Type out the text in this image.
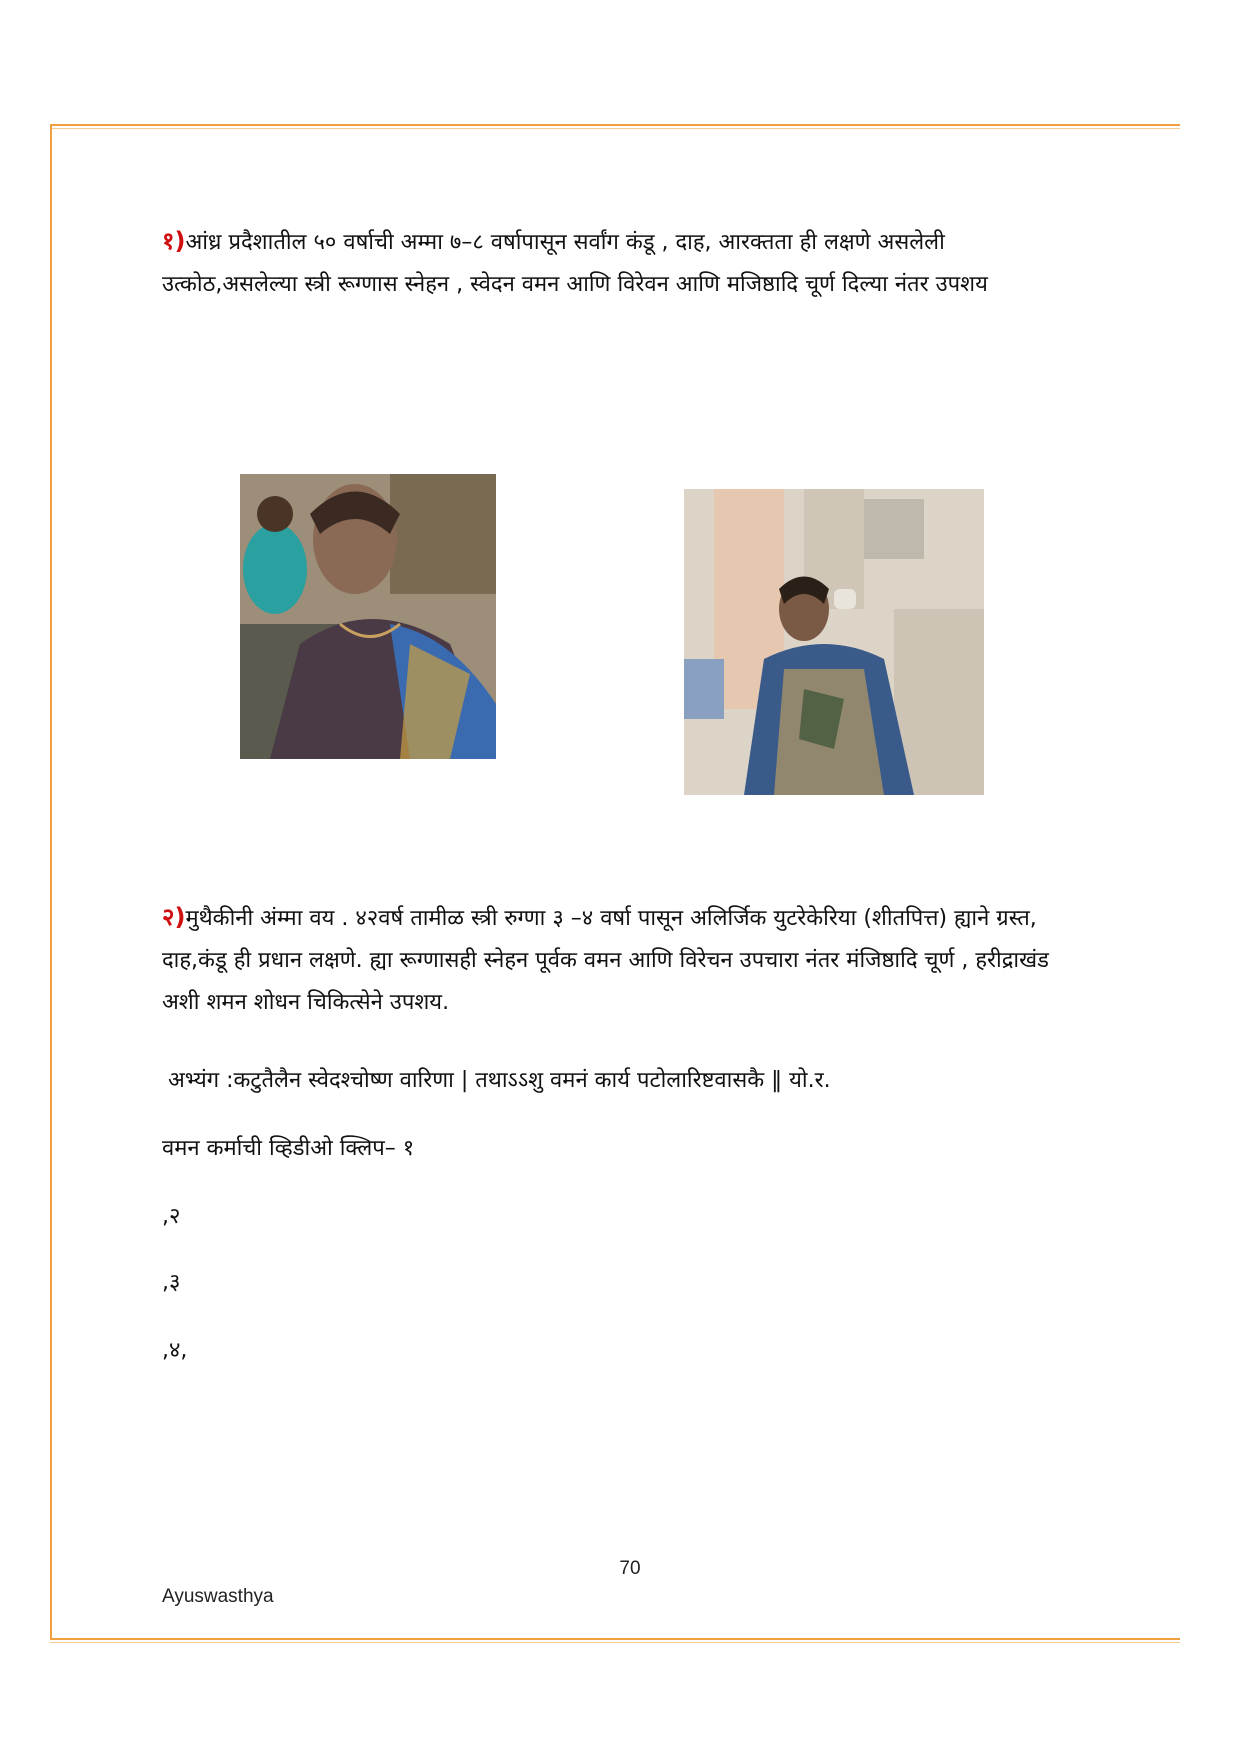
१)आंध्र प्रदैशातील ५० वर्षाची अम्मा ७–८ वर्षापासून सर्वांग कंडू , दाह, आरक्तता ही लक्षणे असलेली उत्कोठ,असलेल्या स्त्री रूग्णास स्नेहन , स्वेदन वमन आणि विरेवन आणि मजिष्ठादि चूर्ण दिल्या नंतर उपशय
२)मुथैकीनी अंम्मा वय . ४२वर्ष तामीळ स्त्री रुग्णा ३ –४ वर्षा पासून अलिर्जिक युटरेकेरिया (शीतपित्त) ह्याने ग्रस्त, दाह,कंडू ही प्रधान लक्षणे. ह्या रूग्णासही स्नेहन पूर्वक वमन आणि विरेचन उपचारा नंतर मंजिष्ठादि चूर्ण , हरीद्राखंड अशी शमन शोधन चिकित्सेने उपशय.
अभ्यंग :कटुतैलैन स्वेदश्चोष्ण वारिणा | तथाऽऽशु वमनं कार्य पटोलारिष्टवासकै ‖ यो.र.
वमन कर्माची व्हिडीओ क्लिप– १
,२
,३
,४,
70
Ayuswasthya
